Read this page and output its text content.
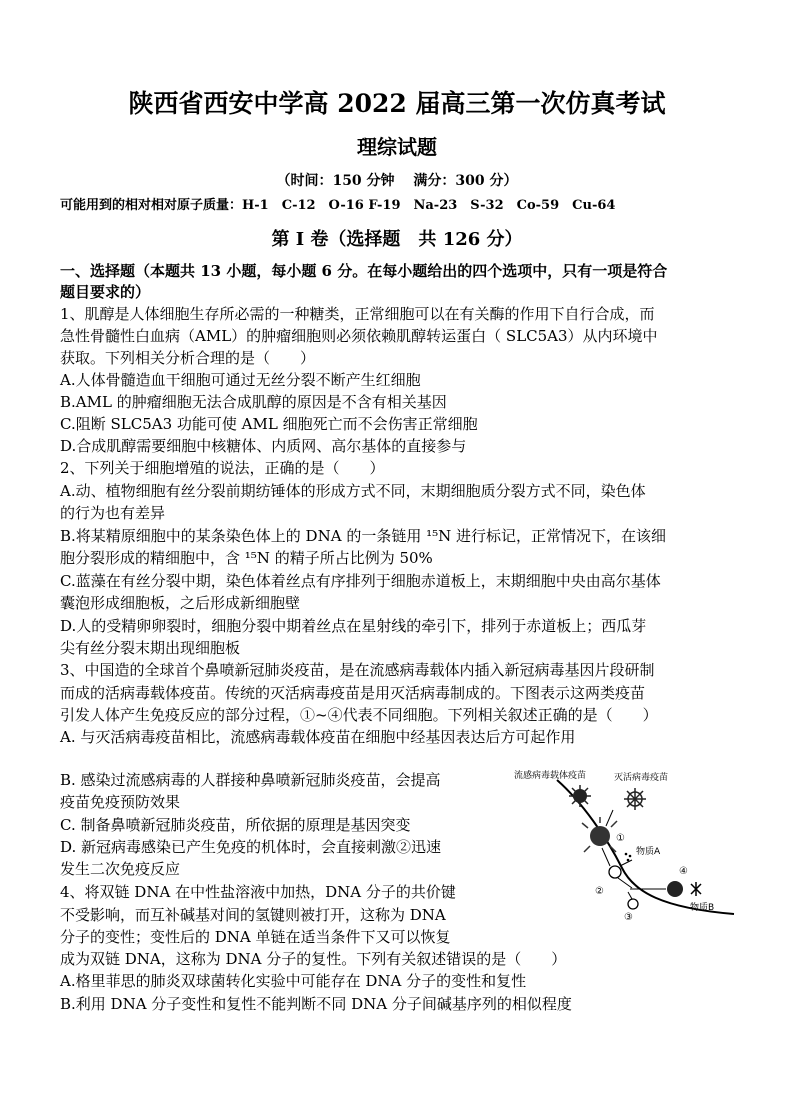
陕西省西安中学高 2022 届高三第一次仿真考试
理综试题
（时间：150 分钟　 满分：300 分）
可能用到的相对相对原子质量：H-1　C-12　O-16 F-19　Na-23　S-32　Co-59　Cu-64
第 Ⅰ 卷（选择题　共 126 分）
一、选择题（本题共 13 小题，每小题 6 分。在每小题给出的四个选项中，只有一项是符合
题目要求的）
1、肌醇是人体细胞生存所必需的一种糖类，正常细胞可以在有关酶的作用下自行合成，而
急性骨髓性白血病（AML）的肿瘤细胞则必须依赖肌醇转运蛋白（ SLC5A3）从内环境中
获取。下列相关分析合理的是（　　）
A.人体骨髓造血干细胞可通过无丝分裂不断产生红细胞
B.AML 的肿瘤细胞无法合成肌醇的原因是不含有相关基因
C.阻断 SLC5A3 功能可使 AML 细胞死亡而不会伤害正常细胞
D.合成肌醇需要细胞中核糖体、内质网、高尔基体的直接参与
2、下列关于细胞增殖的说法，正确的是（　　）
A.动、植物细胞有丝分裂前期纺锤体的形成方式不同，末期细胞质分裂方式不同，染色体
的行为也有差异
B.将某精原细胞中的某条染色体上的 DNA 的一条链用 ¹⁵N 进行标记，正常情况下，在该细
胞分裂形成的精细胞中，含 ¹⁵N 的精子所占比例为 50%
C.蓝藻在有丝分裂中期，染色体着丝点有序排列于细胞赤道板上，末期细胞中央由高尔基体
囊泡形成细胞板，之后形成新细胞壁
D.人的受精卵卵裂时，细胞分裂中期着丝点在星射线的牵引下，排列于赤道板上；西瓜芽
尖有丝分裂末期出现细胞板
3、中国造的全球首个鼻喷新冠肺炎疫苗，是在流感病毒载体内插入新冠病毒基因片段研制
而成的活病毒载体疫苗。传统的灭活病毒疫苗是用灭活病毒制成的。下图表示这两类疫苗
引发人体产生免疫反应的部分过程，①~④代表不同细胞。下列相关叙述正确的是（　　）
A. 与灭活病毒疫苗相比，流感病毒载体疫苗在细胞中经基因表达后方可起作用
B. 感染过流感病毒的人群接种鼻喷新冠肺炎疫苗，会提高
疫苗免疫预防效果
C. 制备鼻喷新冠肺炎疫苗，所依据的原理是基因突变
D. 新冠病毒感染已产生免疫的机体时，会直接刺激②迅速
发生二次免疫反应
4、将双链 DNA 在中性盐溶液中加热，DNA 分子的共价键
不受影响，而互补碱基对间的氢键则被打开，这称为 DNA
分子的变性；变性后的 DNA 单链在适当条件下又可以恢复
成为双链 DNA，这称为 DNA 分子的复性。下列有关叙述错误的是（　　）
A.格里菲思的肺炎双球菌转化实验中可能存在 DNA 分子的变性和复性
B.利用 DNA 分子变性和复性不能判断不同 DNA 分子间碱基序列的相似程度
流感病毒载体疫苗	灭活病毒疫苗
①
物质A
②
④
③
物质B
